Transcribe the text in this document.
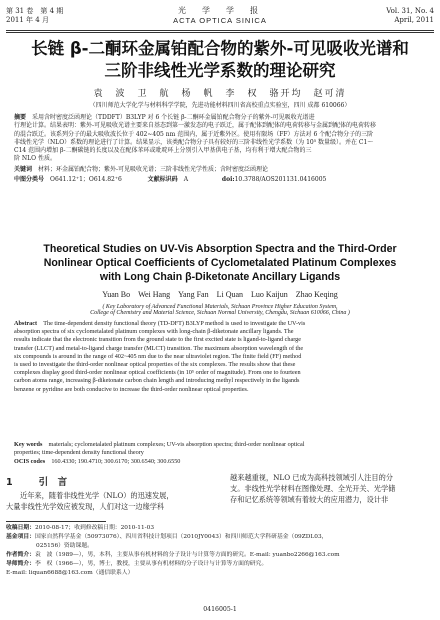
第 31 卷　第 4 期
2011 年 4 月
光　学　学　报
ACTA OPTICA SINICA
Vol. 31, No. 4
April, 2011
长链 β-二酮环金属铂配合物的紫外-可见吸收光谱和
三阶非线性光学系数的理论研究
袁　波　卫　航　杨　帆　李　权　骆开均　赵可清
（四川师范大学化学与材料科学学院，先进功能材料四川省高校重点实验室，四川 成都 610066）
摘要　 采用含时密度泛函理论（TDDFT）B3LYP 对 6 个长链 β-二酮环金属铂配合物分子的紫外-可见吸收光谱进
行理论计算。结果表明：紫外-可见吸收光谱主要来自基态到第一激发态的电子跃迁，属于配体到配体的电荷转移与金属到配体的电荷转移
的混合跃迁。该系列分子的最大吸收波长位于 402~405 nm 范围内，属于近紫外区。使用有限场（FF）方法对 6 个配合物分子的三阶
非线性光学（NLO）系数的理论进行了计算。结果显示，该类配合物分子具有较好的三阶非线性光学系数（为 10⁵ 数量级）。并在 C1～
C14 范围内增加 β-二酮碳链的长度以及在配体苯环或吡啶环上分别引入甲基供电子基，均有利于增大配合物的三
阶 NLO 性质。
关键词　 材料；环金属铂配合物；紫外-可见吸收光谱；三阶非线性光学性质；含时密度泛函理论
中图分类号　 O641.12⁺1；O614.82⁺6	文献标识码　 A	doi:10.3788/AOS201131.0416005
Theoretical Studies on UV-Vis Absorption Spectra and the Third-Order
Nonlinear Optical Coefficients of Cyclometalated Platinum Complexes
with Long Chain β-Diketonate Ancillary Ligands
Yuan Bo　Wei Hang　Yang Fan　Li Quan　Luo Kaijun　Zhao Keqing
( Key Laboratory of Advanced Functional Materials, Sichuan Province Higher Education System,
College of Chemistry and Material Science, Sichuan Normal University, Chengdu, Sichuan 610066, China )
Abstract　 The time-dependent density functional theory (TD-DFT) B3LYP method is used to investigate the UV-vis
absorption spectra of six cyclometalated platinum complexes with long-chain β-diketonate ancillary ligands. The
results indicate that the electronic transition from the ground state to the first excited state is ligand-to-ligand charge
transfer (LLCT) and metal-to-ligand charge transfer (MLCT) transition. The maximum absorption wavelength of the
six compounds is around in the range of 402~405 nm due to the near ultraviolet region. The finite field (FF) method
is used to investigate the third-order nonlinear optical properties of the six complexes. The results show that these
complexes display good third-order nonlinear optical coefficients (in 10⁵ order of magnitude). From one to fourteen
carbon atoms range, increasing β-diketonate carbon chain length and introducing methyl respectively in the ligands
benzene or pyridine are both conducive to increase the third-order nonlinear optical properties.
Key words　 materials; cyclometalated platinum complexes; UV-vis absorption spectra; third-order nonlinear optical
properties; time-dependent density functional theory
OCIS codes　 160.4330; 190.4710; 300.6170; 300.6540; 300.6550
1	引　言
近年来，随着非线性光学（NLO）的迅速发展，
大量非线性光学效应被发现，人们对这一边缘学科
越来越重视，NLO 已成为高科技领域引人注目的分
支。非线性光学材料在图像处理、全光开关、光学储
存和记忆系统等领域有着较大的应用潜力，设计非
收稿日期：2010-08-17；收到修改稿日期：2010-11-03
基金项目：国家自然科学基金（50973076）、四川省科技计划项目（2010JY0043）和四川师范大学科研基金（09ZDL03，
025156）资助课题。
作者简介：袁　波（1989—），男，本科，主要从事有机材料的分子设计与计算等方面的研究。E-mail: yuanbo2266@163.com
导师简介：李　权（1966—），男，博士，教授，主要从事有机材料的分子设计与计算等方面的研究。
E-mail: liquan6688@163.com（通信联系人）
0416005-1
